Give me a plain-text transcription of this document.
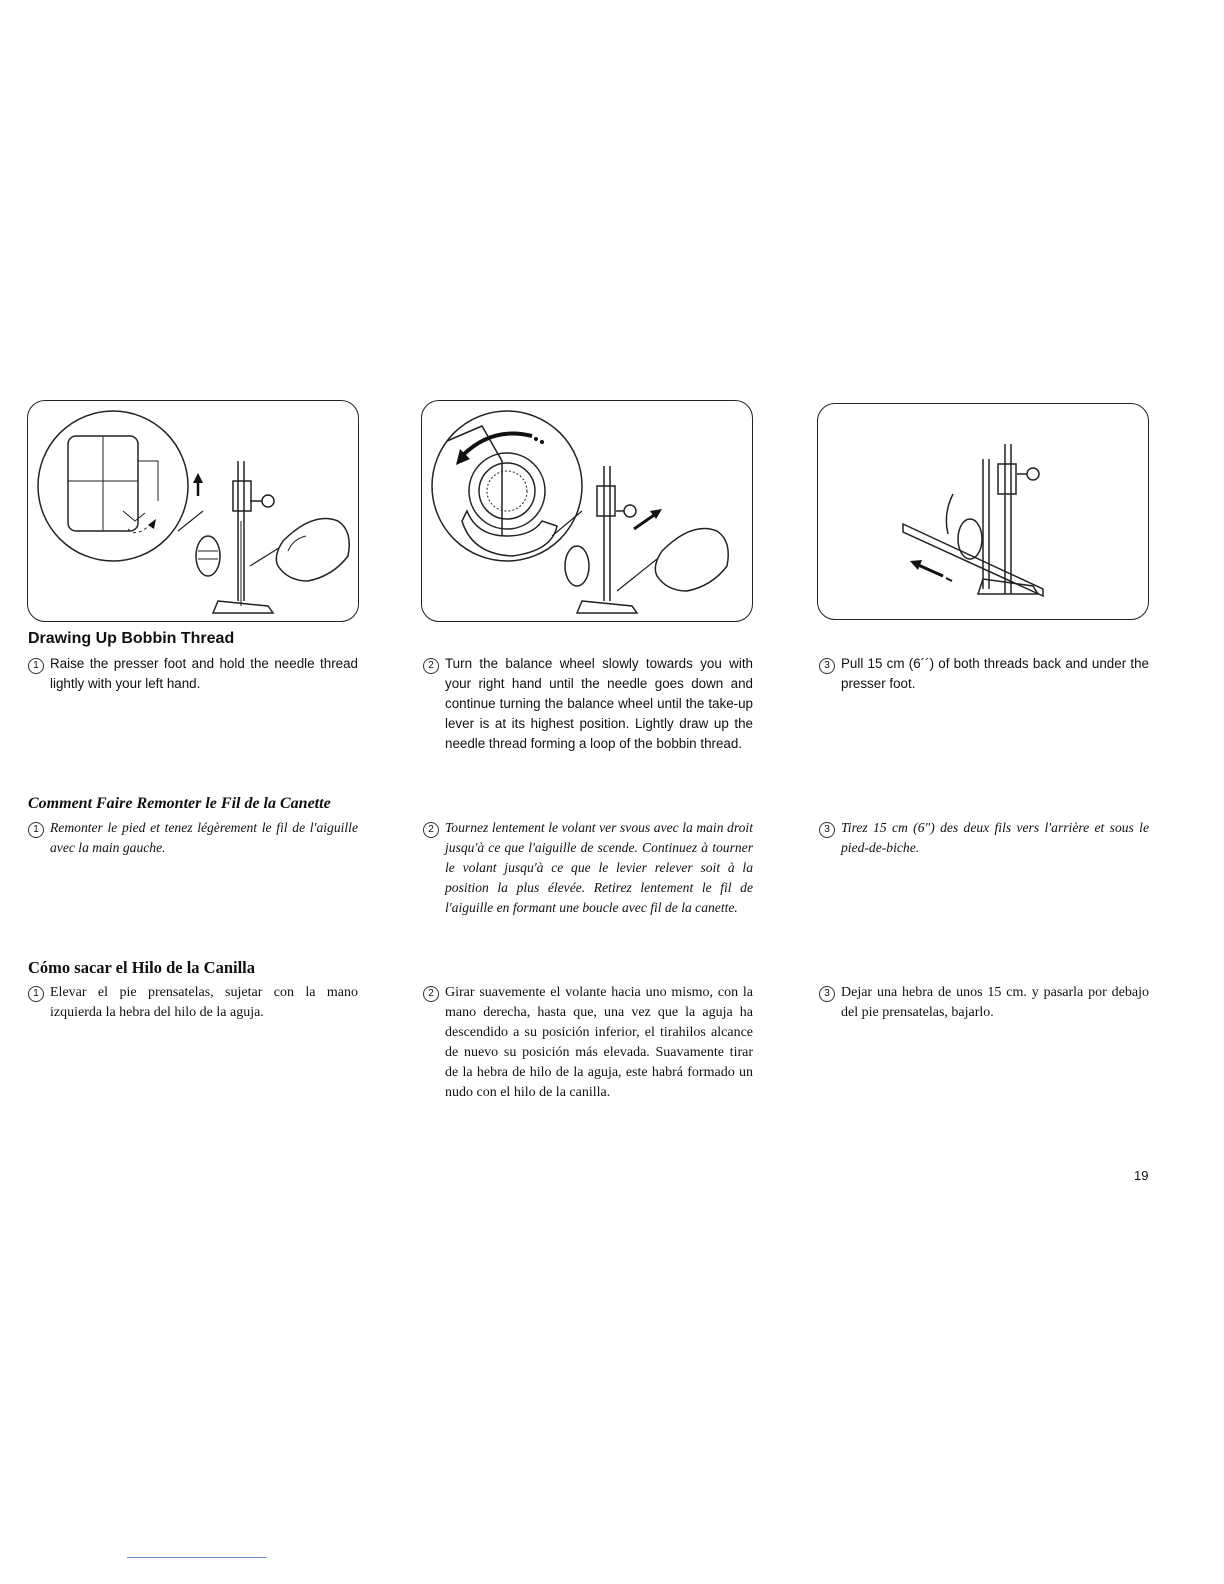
Drawing Up Bobbin Thread
Comment Faire Remonter le Fil de la Canette
Cómo sacar el Hilo de la Canilla
1 Raise the presser foot and hold the needle thread lightly with your left hand.
2 Turn the balance wheel slowly towards you with your right hand until the needle goes down and continue turning the balance wheel until the take-up lever is at its highest position. Lightly draw up the needle thread forming a loop of the bobbin thread.
3 Pull 15 cm (6´´) of both threads back and under the presser foot.
1 Remonter le pied et tenez légèrement le fil de l'aiguille avec la main gauche.
2 Tournez lentement le volant ver svous avec la main droit jusqu'à ce que l'aiguille de scende. Continuez à tourner le volant jusqu'à ce que le levier relever soit à la position la plus élevée. Retirez lentement le fil de l'aiguille en formant une boucle avec fil de la canette.
3 Tirez 15 cm (6") des deux fils vers l'arrière et sous le pied-de-biche.
1 Elevar el pie prensatelas, sujetar con la mano izquierda la hebra del hilo de la aguja.
2 Girar suavemente el volante hacia uno mismo, con la mano derecha, hasta que, una vez que la aguja ha descendido a su posición inferior, el tirahilos alcance de nuevo su posición más elevada. Suavamente tirar de la hebra de hilo de la aguja, este habrá formado un nudo con el hilo de la canilla.
3 Dejar una hebra de unos 15 cm. y pasarla por debajo del pie prensatelas, bajarlo.
19
